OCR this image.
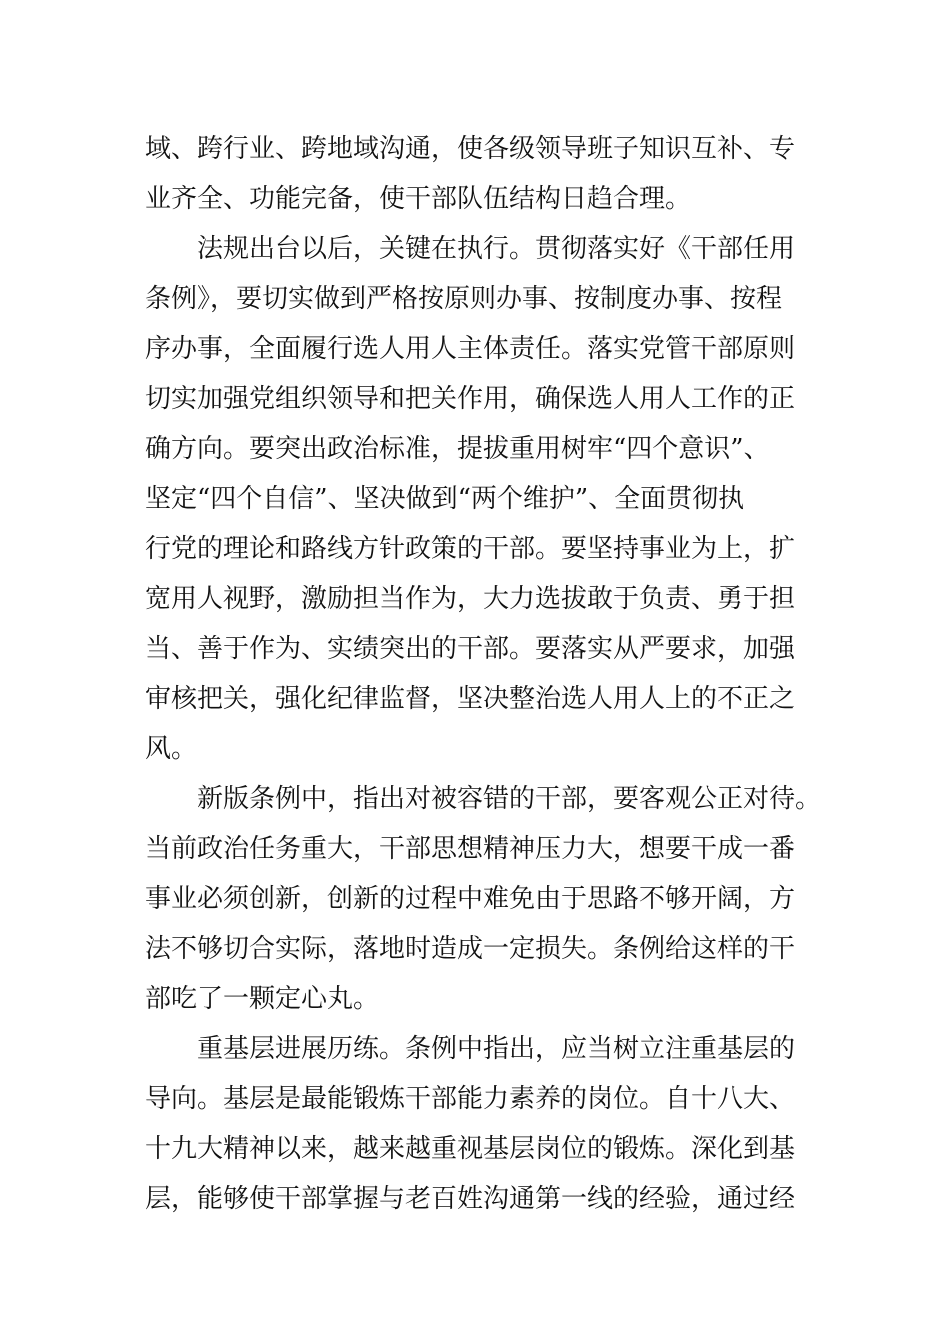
域、跨行业、跨地域沟通，使各级领导班子知识互补、专
业齐全、功能完备，使干部队伍结构日趋合理。
法规出台以后，关键在执行。贯彻落实好《干部任用
条例》，要切实做到严格按原则办事、按制度办事、按程
序办事，全面履行选人用人主体责任。落实党管干部原则
切实加强党组织领导和把关作用，确保选人用人工作的正
确方向。要突出政治标准，提拔重用树牢“四个意识”、
坚定“四个自信”、坚决做到“两个维护”、全面贯彻执
行党的理论和路线方针政策的干部。要坚持事业为上，扩
宽用人视野，激励担当作为，大力选拔敢于负责、勇于担
当、善于作为、实绩突出的干部。要落实从严要求，加强
审核把关，强化纪律监督，坚决整治选人用人上的不正之
风。
新版条例中，指出对被容错的干部，要客观公正对待。
当前政治任务重大，干部思想精神压力大，想要干成一番
事业必须创新，创新的过程中难免由于思路不够开阔，方
法不够切合实际，落地时造成一定损失。条例给这样的干
部吃了一颗定心丸。
重基层进展历练。条例中指出，应当树立注重基层的
导向。基层是最能锻炼干部能力素养的岗位。自十八大、
十九大精神以来，越来越重视基层岗位的锻炼。深化到基
层，能够使干部掌握与老百姓沟通第一线的经验，通过经
